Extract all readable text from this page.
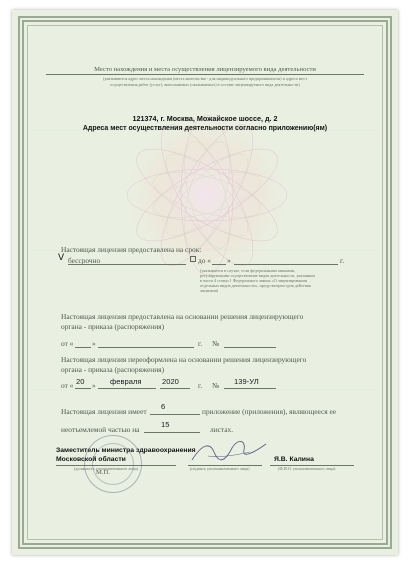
Место нахождения и места осуществления лицензируемого вида деятельности
(указываются адрес места нахождения (места жительства - для индивидуального предпринимателя) и адреса мест
осуществления работ (услуг), выполняемых (оказываемых) в составе лицензируемого вида деятельности)
121374, г. Москва, Можайское шоссе, д. 2
Адреса мест осуществления деятельности согласно приложению(ям)
Настоящая лицензия предоставлена на срок:
V бессрочно	до « »	г.
(указывается в случае, если федеральными законами,
регулирующими осуществление видов деятельности, указанных
в части 4 статьи 1 Федерального закона «О лицензировании
отдельных видов деятельности», предусмотрен срок действия
лицензии)
Настоящая лицензия предоставлена на основании решения лицензирующего
органа - приказа (распоряжения)
от «	»	г. №
Настоящая лицензия переоформлена на основании решения лицензирующего
органа - приказа (распоряжения)
от « 20 » февраля	2020	г. № 139-УЛ
Настоящая лицензия имеет
6
приложение (приложения), являющееся ее
неотъемлемой частью на
15
листах.
Заместитель министра здравоохранения
Московской области	Я.В. Калина
(должность уполномоченного лица)	(подпись уполномоченного лица)	(Ф.И.О. уполномоченного лица)
М.П.
